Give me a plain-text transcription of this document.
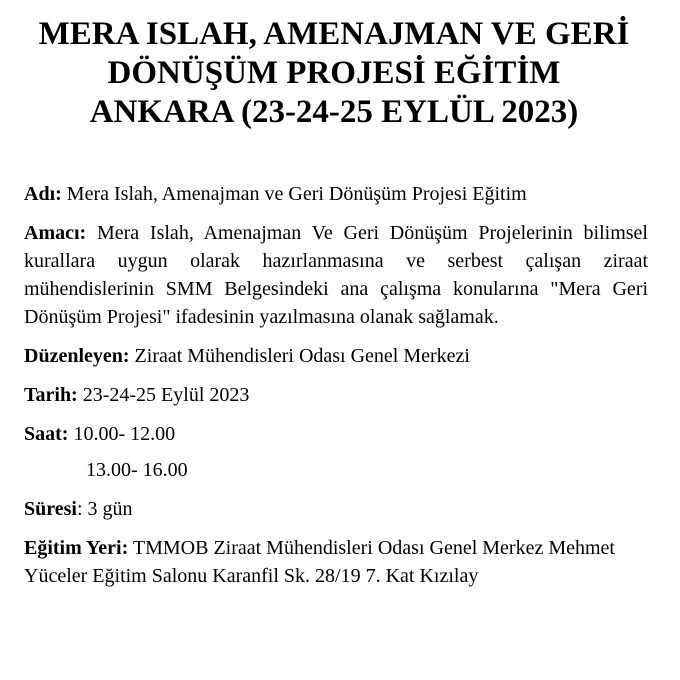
MERA ISLAH, AMENAJMAN VE GERİ
DÖNÜŞÜM PROJESİ EĞİTİM
ANKARA (23-24-25 EYLÜL 2023)

Adı: Mera Islah, Amenajman ve Geri Dönüşüm Projesi Eğitim

Amacı: Mera Islah, Amenajman Ve Geri Dönüşüm Projelerinin bilimsel kurallara uygun olarak hazırlanmasına ve serbest çalışan ziraat mühendislerinin SMM Belgesindeki ana çalışma konularına "Mera Geri Dönüşüm Projesi" ifadesinin yazılmasına olanak sağlamak.

Düzenleyen: Ziraat Mühendisleri Odası Genel Merkezi

Tarih: 23-24-25 Eylül 2023

Saat: 10.00- 12.00

13.00- 16.00

Süresi: 3 gün

Eğitim Yeri: TMMOB Ziraat Mühendisleri Odası Genel Merkez Mehmet Yüceler Eğitim Salonu Karanfil Sk. 28/19 7. Kat Kızılay
